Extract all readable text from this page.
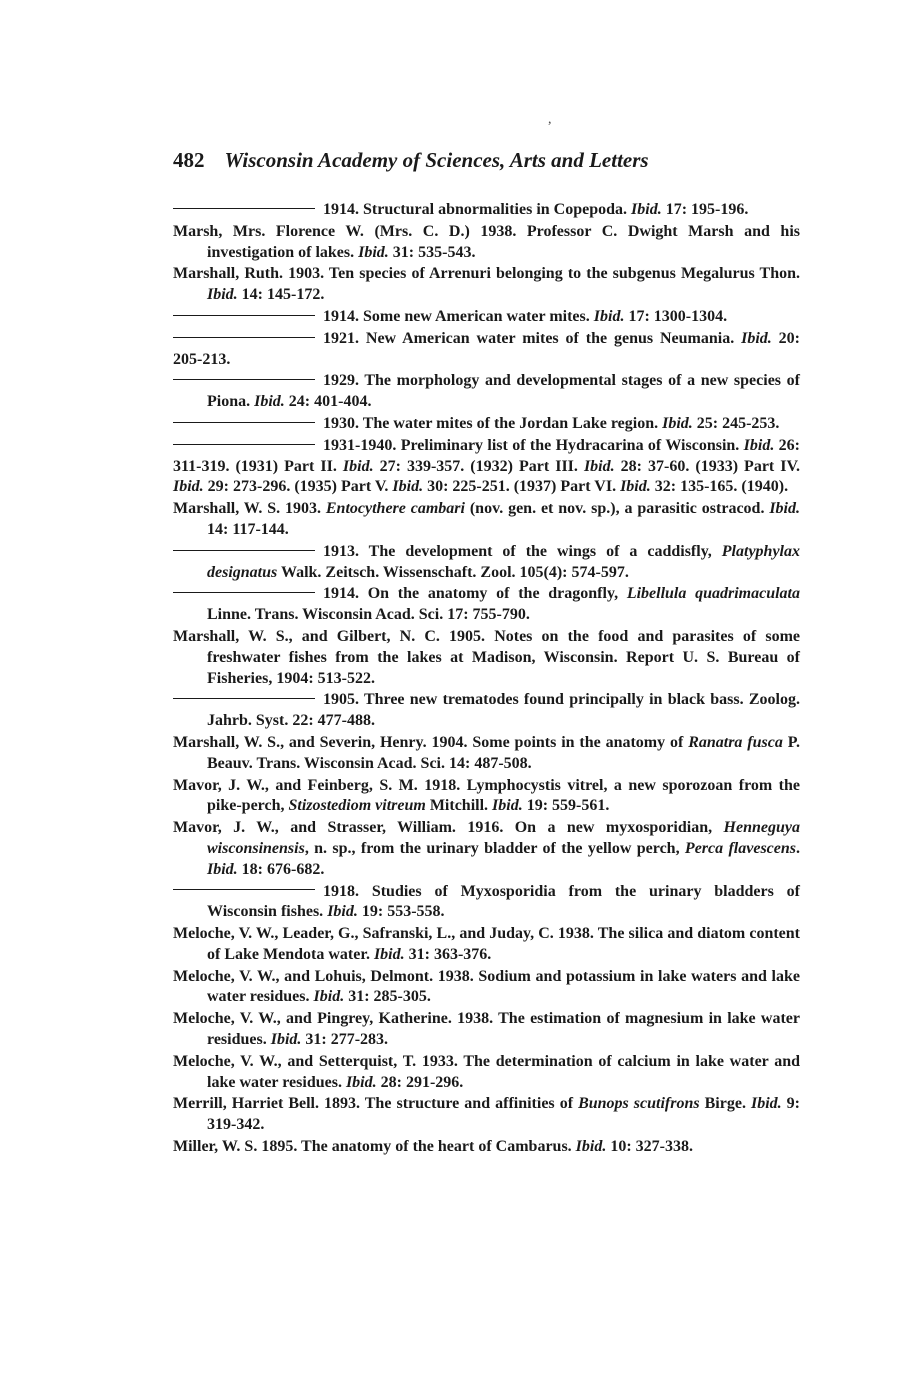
,
482 Wisconsin Academy of Sciences, Arts and Letters
1914. Structural abnormalities in Copepoda. Ibid. 17: 195-196.
Marsh, Mrs. Florence W. (Mrs. C. D.) 1938. Professor C. Dwight Marsh and his investigation of lakes. Ibid. 31: 535-543.
Marshall, Ruth. 1903. Ten species of Arrenuri belonging to the subgenus Megalurus Thon. Ibid. 14: 145-172.
1914. Some new American water mites. Ibid. 17: 1300-1304.
1921. New American water mites of the genus Neumania. Ibid. 20: 205-213.
1929. The morphology and developmental stages of a new species of Piona. Ibid. 24: 401-404.
1930. The water mites of the Jordan Lake region. Ibid. 25: 245-253.
1931-1940. Preliminary list of the Hydracarina of Wisconsin. Ibid. 26: 311-319. (1931) Part II. Ibid. 27: 339-357. (1932) Part III. Ibid. 28: 37-60. (1933) Part IV. Ibid. 29: 273-296. (1935) Part V. Ibid. 30: 225-251. (1937) Part VI. Ibid. 32: 135-165. (1940).
Marshall, W. S. 1903. Entocythere cambari (nov. gen. et nov. sp.), a parasitic ostracod. Ibid. 14: 117-144.
1913. The development of the wings of a caddisfly, Platyphylax designatus Walk. Zeitsch. Wissenschaft. Zool. 105(4): 574-597.
1914. On the anatomy of the dragonfly, Libellula quadrimaculata Linne. Trans. Wisconsin Acad. Sci. 17: 755-790.
Marshall, W. S., and Gilbert, N. C. 1905. Notes on the food and parasites of some freshwater fishes from the lakes at Madison, Wisconsin. Report U. S. Bureau of Fisheries, 1904: 513-522.
1905. Three new trematodes found principally in black bass. Zoolog. Jahrb. Syst. 22: 477-488.
Marshall, W. S., and Severin, Henry. 1904. Some points in the anatomy of Ranatra fusca P. Beauv. Trans. Wisconsin Acad. Sci. 14: 487-508.
Mavor, J. W., and Feinberg, S. M. 1918. Lymphocystis vitrel, a new sporozoan from the pike-perch, Stizostediom vitreum Mitchill. Ibid. 19: 559-561.
Mavor, J. W., and Strasser, William. 1916. On a new myxosporidian, Henneguya wisconsinensis, n. sp., from the urinary bladder of the yellow perch, Perca flavescens. Ibid. 18: 676-682.
1918. Studies of Myxosporidia from the urinary bladders of Wisconsin fishes. Ibid. 19: 553-558.
Meloche, V. W., Leader, G., Safranski, L., and Juday, C. 1938. The silica and diatom content of Lake Mendota water. Ibid. 31: 363-376.
Meloche, V. W., and Lohuis, Delmont. 1938. Sodium and potassium in lake waters and lake water residues. Ibid. 31: 285-305.
Meloche, V. W., and Pingrey, Katherine. 1938. The estimation of magnesium in lake water residues. Ibid. 31: 277-283.
Meloche, V. W., and Setterquist, T. 1933. The determination of calcium in lake water and lake water residues. Ibid. 28: 291-296.
Merrill, Harriet Bell. 1893. The structure and affinities of Bunops scutifrons Birge. Ibid. 9: 319-342.
Miller, W. S. 1895. The anatomy of the heart of Cambarus. Ibid. 10: 327-338.
